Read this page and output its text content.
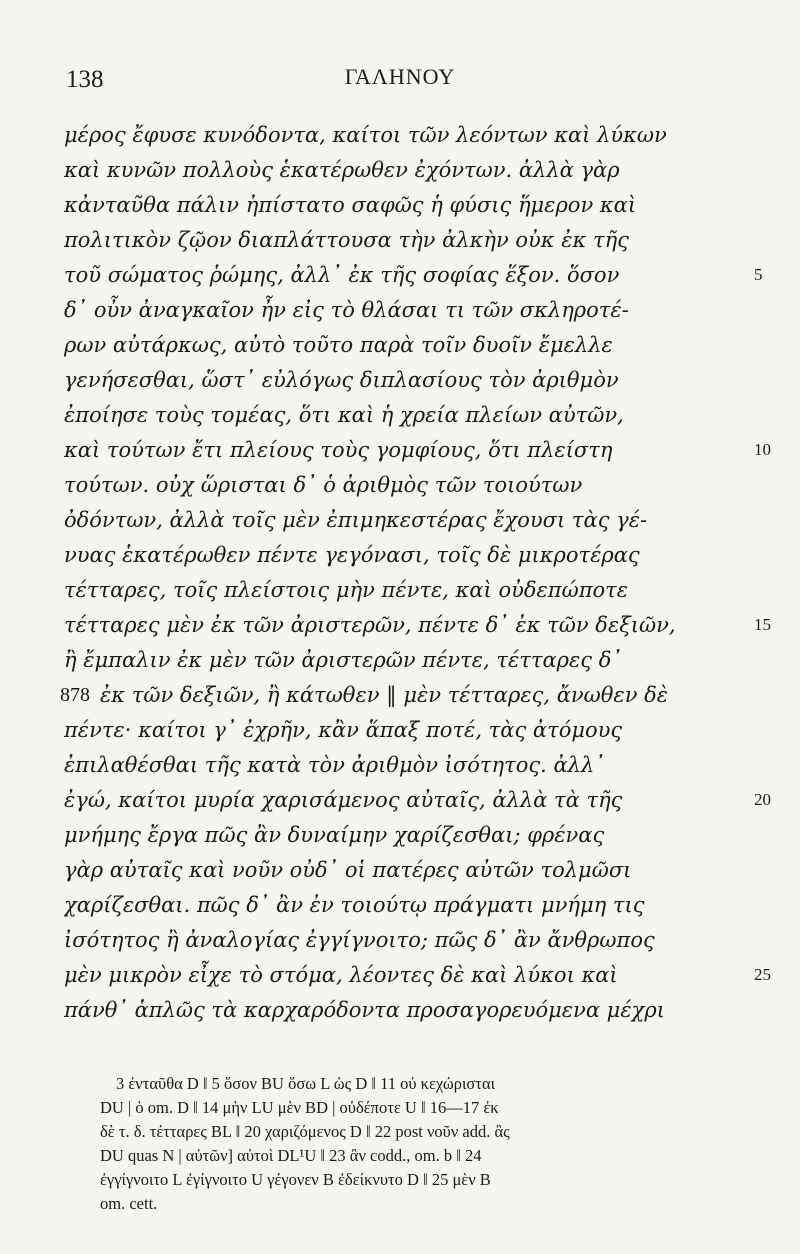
138	ΓΑΛΗΝΟΥ
μέρος ἔφυσε κυνόδοντα, καίτοι τῶν λεόντων καὶ λύκων
καὶ κυνῶν πολλοὺς ἑκατέρωθεν ἐχόντων. ἀλλὰ γὰρ
κἀνταῦθα πάλιν ἠπίστατο σαφῶς ἡ φύσις ἥμερον καὶ
πολιτικὸν ζῷον διαπλάττουσα τὴν ἀλκὴν οὐκ ἐκ τῆς
τοῦ σώματος ῥώμης, ἀλλ᾽ ἐκ τῆς σοφίας ἕξον. ὅσον	5
δ᾽ οὖν ἀναγκαῖον ἦν εἰς τὸ θλάσαι τι τῶν σκληροτέ-
ρων αὐτάρκως, αὐτὸ τοῦτο παρὰ τοῖν δυοῖν ἔμελλε
γενήσεσθαι, ὥστ᾽ εὐλόγως διπλασίους τὸν ἀριθμὸν
ἐποίησε τοὺς τομέας, ὅτι καὶ ἡ χρεία πλείων αὐτῶν,
καὶ τούτων ἔτι πλείους τοὺς γομφίους, ὅτι πλείστη	10
τούτων. οὐχ ὥρισται δ᾽ ὁ ἀριθμὸς τῶν τοιούτων
ὀδόντων, ἀλλὰ τοῖς μὲν ἐπιμηκεστέρας ἔχουσι τὰς γέ-
νυας ἑκατέρωθεν πέντε γεγόνασι, τοῖς δὲ μικροτέρας
τέτταρες, τοῖς πλείστοις μὴν πέντε, καὶ οὐδεπώποτε
τέτταρες μὲν ἐκ τῶν ἀριστερῶν, πέντε δ᾽ ἐκ τῶν δεξιῶν,	15
ἢ ἔμπαλιν ἐκ μὲν τῶν ἀριστερῶν πέντε, τέτταρες δ᾽
878 ἐκ τῶν δεξιῶν, ἢ κάτωθεν ‖ μὲν τέτταρες, ἄνωθεν δὲ
πέντε· καίτοι γ᾽ ἐχρῆν, κἂν ἅπαξ ποτέ, τὰς ἀτόμους
ἐπιλαθέσθαι τῆς κατὰ τὸν ἀριθμὸν ἰσότητος. ἀλλ᾽
ἐγώ, καίτοι μυρία χαρισάμενος αὐταῖς, ἀλλὰ τὰ τῆς	20
μνήμης ἔργα πῶς ἂν δυναίμην χαρίζεσθαι; φρένας
γὰρ αὐταῖς καὶ νοῦν οὐδ᾽ οἱ πατέρες αὐτῶν τολμῶσι
χαρίζεσθαι. πῶς δ᾽ ἂν ἐν τοιούτῳ πράγματι μνήμη τις
ἰσότητος ἢ ἀναλογίας ἐγγίγνοιτο; πῶς δ᾽ ἂν ἄνθρωπος
μὲν μικρὸν εἶχε τὸ στόμα, λέοντες δὲ καὶ λύκοι καὶ	25
πάνθ᾽ ἁπλῶς τὰ καρχαρόδοντα προσαγορευόμενα μέχρι
3 ἐνταῦθα D ‖ 5 ὅσον BU ὅσω L ὡς D ‖ 11 οὐ κεχώρισται
DU | ὁ om. D ‖ 14 μὴν LU μὲν BD | οὐδέποτε U ‖ 16—17 ἐκ
δὲ τ. δ. τέτταρες BL ‖ 20 χαριζόμενος D ‖ 22 post νοῦν add. ἃς
DU quas N | αὐτῶν] αὐτοὶ DL¹U ‖ 23 ἂν codd., om. b ‖ 24
ἐγγίγνοιτο L ἐγίγνοιτο U γέγονεν B ἐδείκνυτο D ‖ 25 μὲν B
om. cett.
